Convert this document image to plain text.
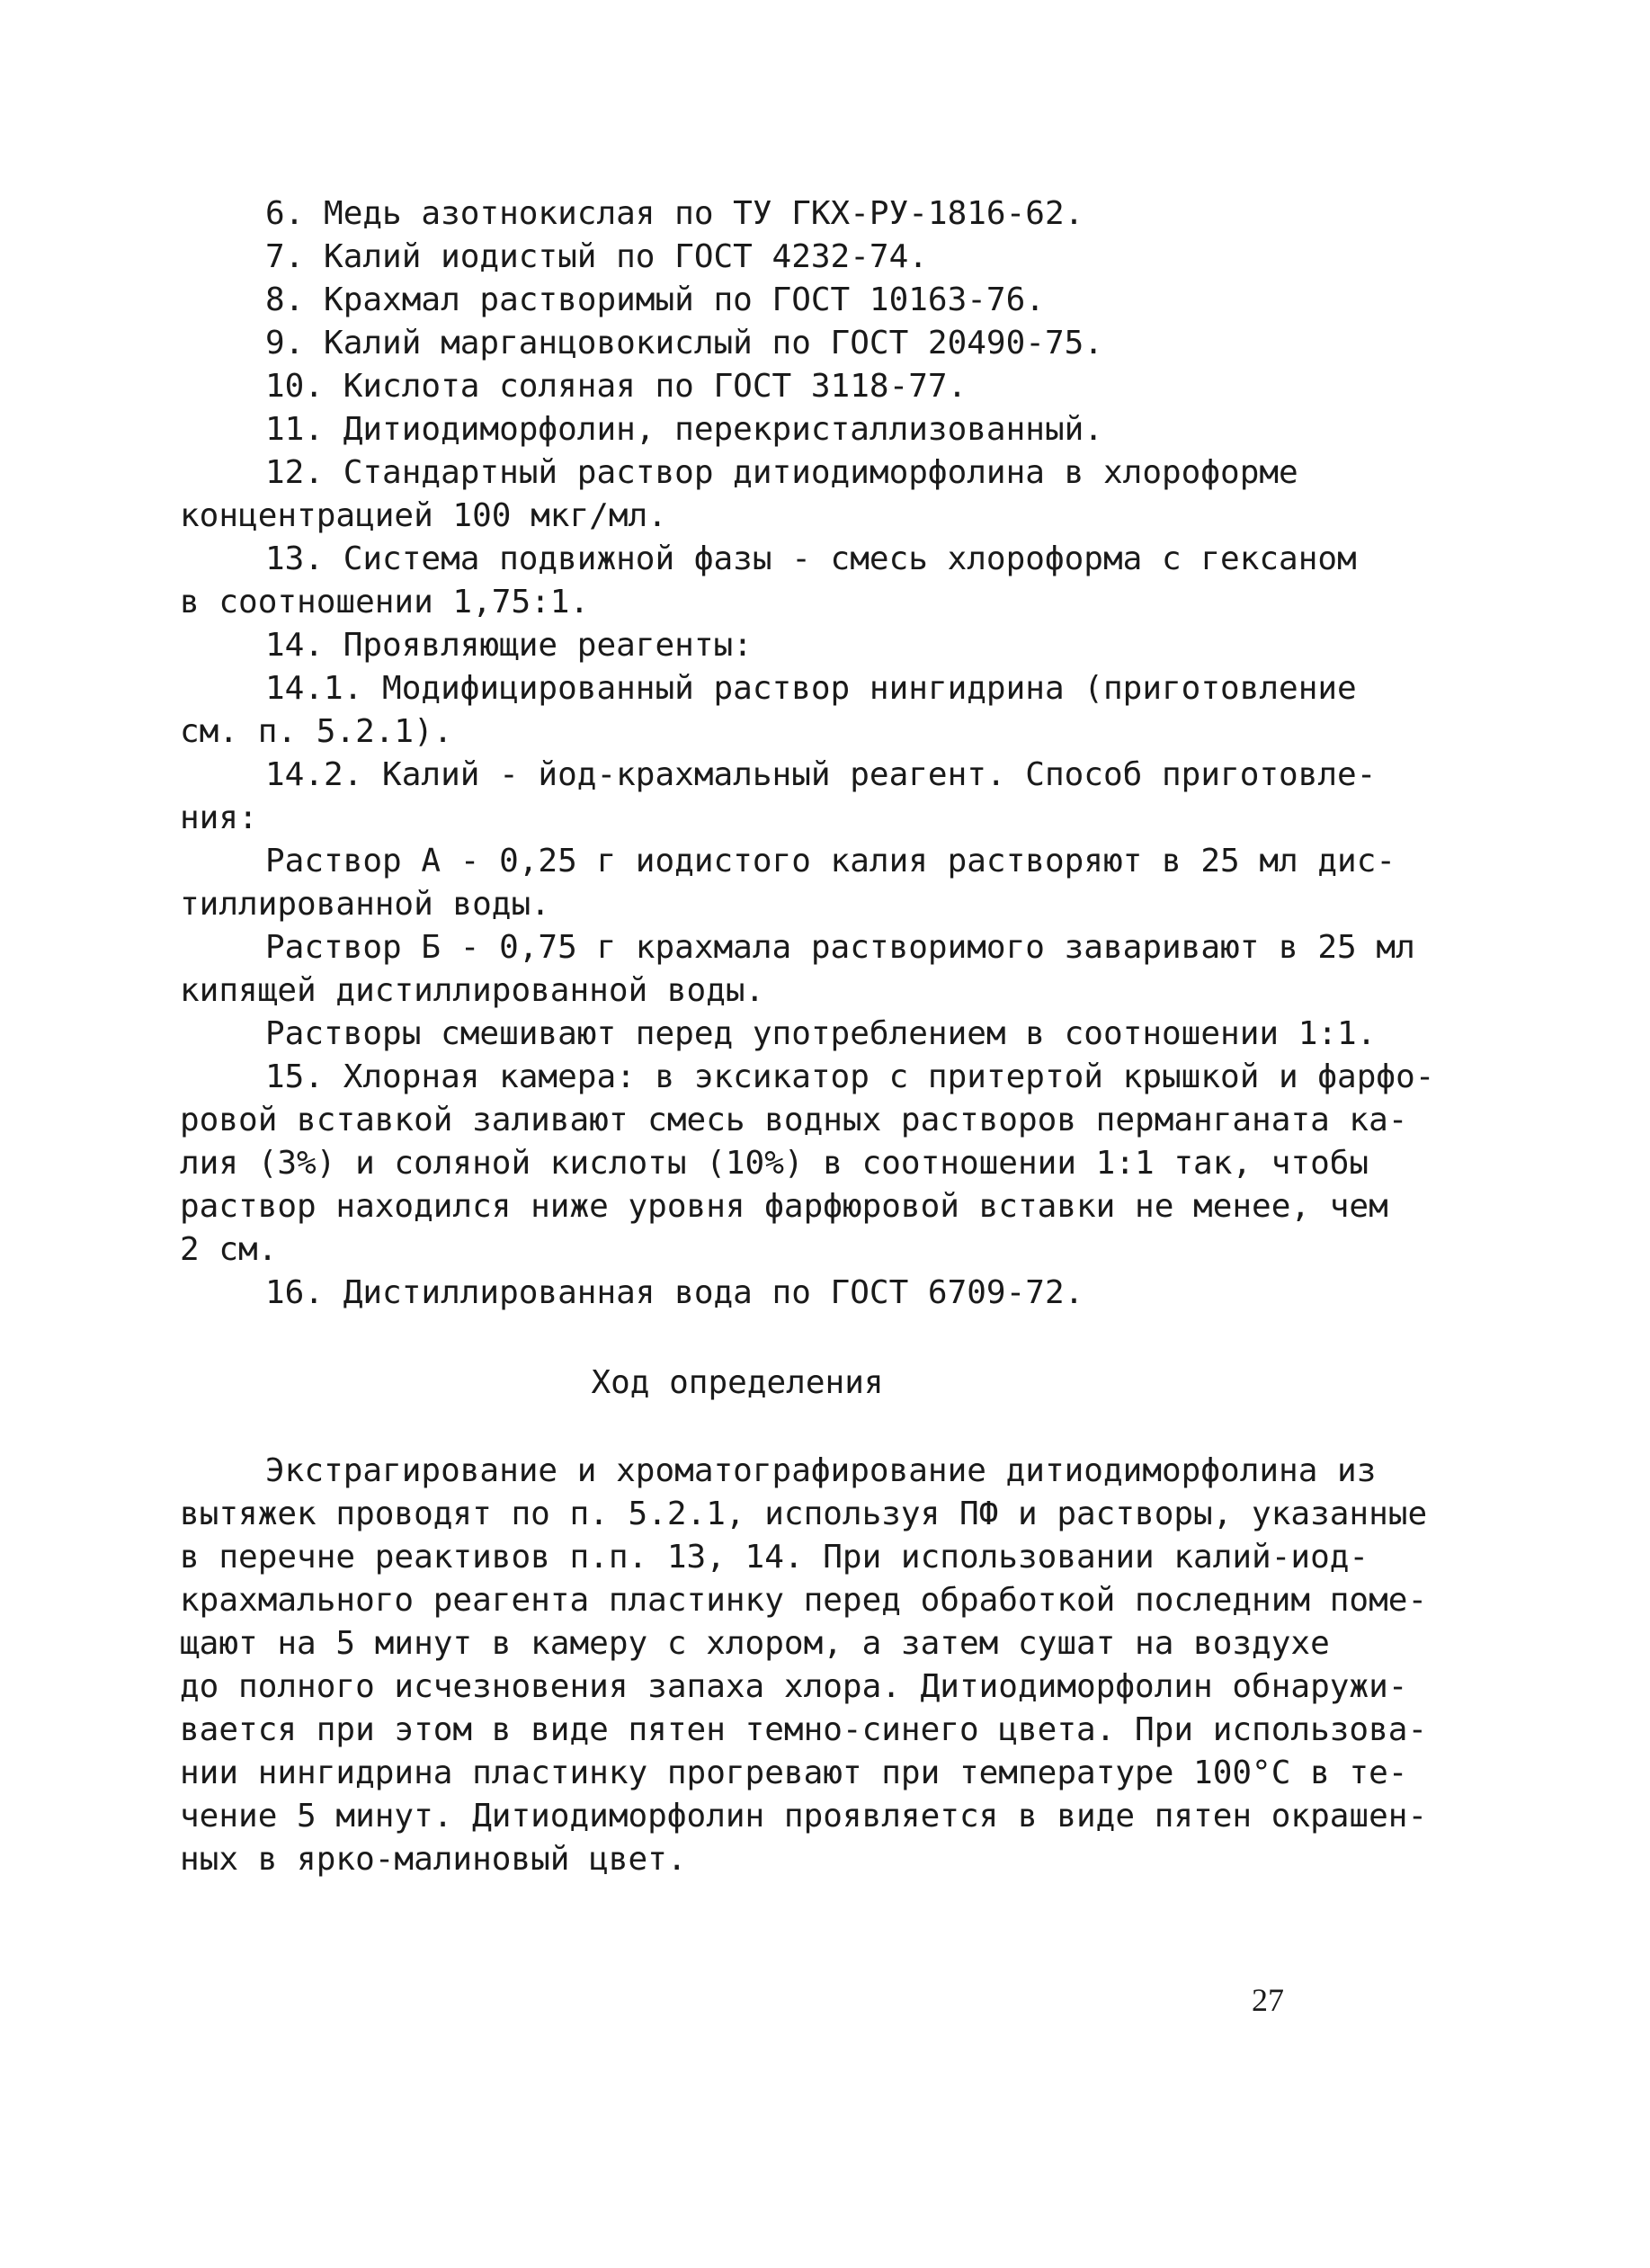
6. Медь азотнокислая по ТУ ГКХ-РУ-1816-62.
7. Калий иодистый по ГОСТ 4232-74.
8. Крахмал растворимый по ГОСТ 10163-76.
9. Калий марганцовокислый по ГОСТ 20490-75.
10. Кислота соляная по ГОСТ 3118-77.
11. Дитиодиморфолин, перекристаллизованный.
12. Стандартный раствор дитиодиморфолина в хлороформе
концентрацией 100 мкг/мл.
13. Система подвижной фазы - смесь хлороформа с гексаном
в соотношении 1,75:1.
14. Проявляющие реагенты:
14.1. Модифицированный раствор нингидрина (приготовление
см. п. 5.2.1).
14.2. Калий - йод-крахмальный реагент. Способ приготовле-
ния:
Раствор А - 0,25 г иодистого калия растворяют в 25 мл дис-
тиллированной воды.
Раствор Б - 0,75 г крахмала растворимого заваривают в 25 мл
кипящей дистиллированной воды.
Растворы смешивают перед употреблением в соотношении 1:1.
15. Хлорная камера: в эксикатор с притертой крышкой и фарфо-
ровой вставкой заливают смесь водных растворов перманганата ка-
лия (3%) и соляной кислоты (10%) в соотношении 1:1 так, чтобы
раствор находился ниже уровня фарфюровой вставки не менее, чем
2 см.
16. Дистиллированная вода по ГОСТ 6709-72.
Ход определения
Экстрагирование и хроматографирование дитиодиморфолина из
вытяжек проводят по п. 5.2.1, используя ПФ и растворы, указанные
в перечне реактивов п.п. 13, 14. При использовании калий-иод-
крахмального реагента пластинку перед обработкой последним поме-
щают на 5 минут в камеру с хлором, а затем сушат на воздухе
до полного исчезновения запаха хлора. Дитиодиморфолин обнаружи-
вается при этом в виде пятен темно-синего цвета. При использова-
нии нингидрина пластинку прогревают при температуре 100°С в те-
чение 5 минут. Дитиодиморфолин проявляется в виде пятен окрашен-
ных в ярко-малиновый цвет.
27
